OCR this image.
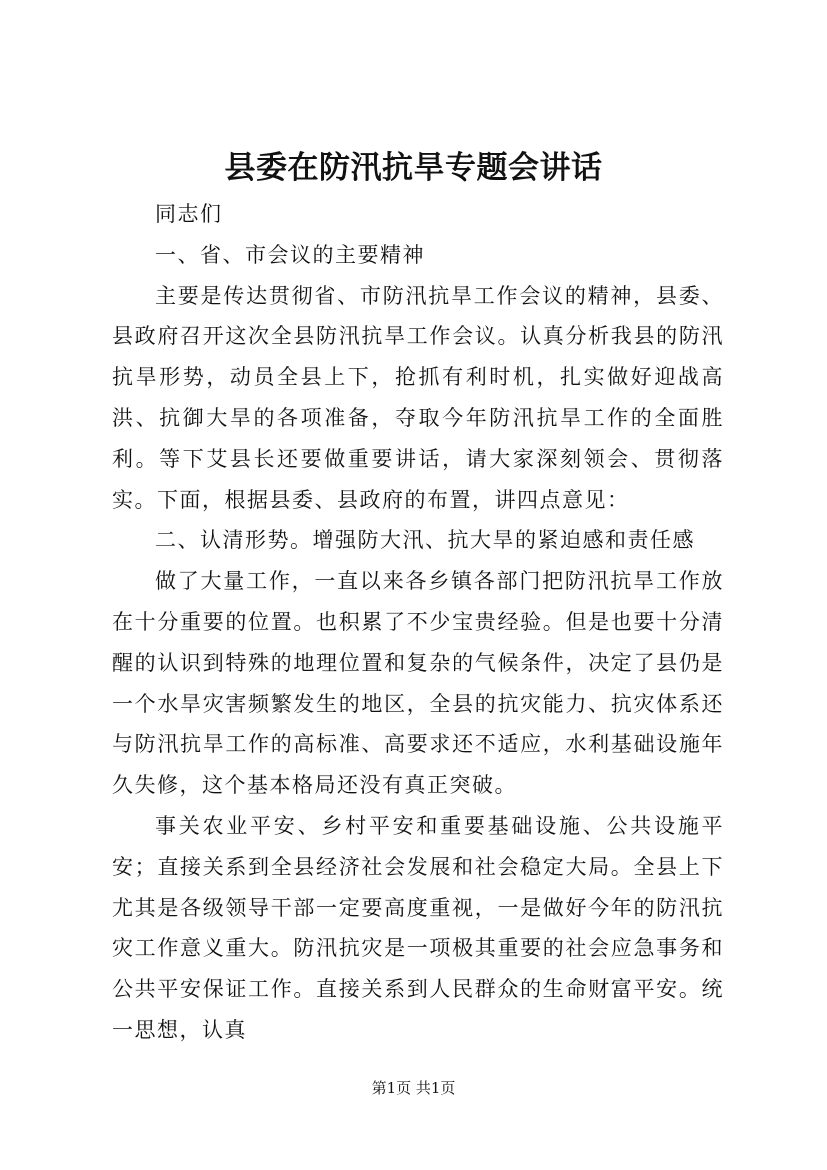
县委在防汛抗旱专题会讲话

同志们

一、省、市会议的主要精神

主要是传达贯彻省、市防汛抗旱工作会议的精神，县委、县政府召开这次全县防汛抗旱工作会议。认真分析我县的防汛抗旱形势，动员全县上下，抢抓有利时机，扎实做好迎战高洪、抗御大旱的各项准备，夺取今年防汛抗旱工作的全面胜利。等下艾县长还要做重要讲话，请大家深刻领会、贯彻落实。下面，根据县委、县政府的布置，讲四点意见：

二、认清形势。增强防大汛、抗大旱的紧迫感和责任感

做了大量工作，一直以来各乡镇各部门把防汛抗旱工作放在十分重要的位置。也积累了不少宝贵经验。但是也要十分清醒的认识到特殊的地理位置和复杂的气候条件，决定了县仍是一个水旱灾害频繁发生的地区，全县的抗灾能力、抗灾体系还与防汛抗旱工作的高标准、高要求还不适应，水利基础设施年久失修，这个基本格局还没有真正突破。

事关农业平安、乡村平安和重要基础设施、公共设施平安；直接关系到全县经济社会发展和社会稳定大局。全县上下尤其是各级领导干部一定要高度重视，一是做好今年的防汛抗灾工作意义重大。防汛抗灾是一项极其重要的社会应急事务和公共平安保证工作。直接关系到人民群众的生命财富平安。统一思想，认真

第1页 共1页
